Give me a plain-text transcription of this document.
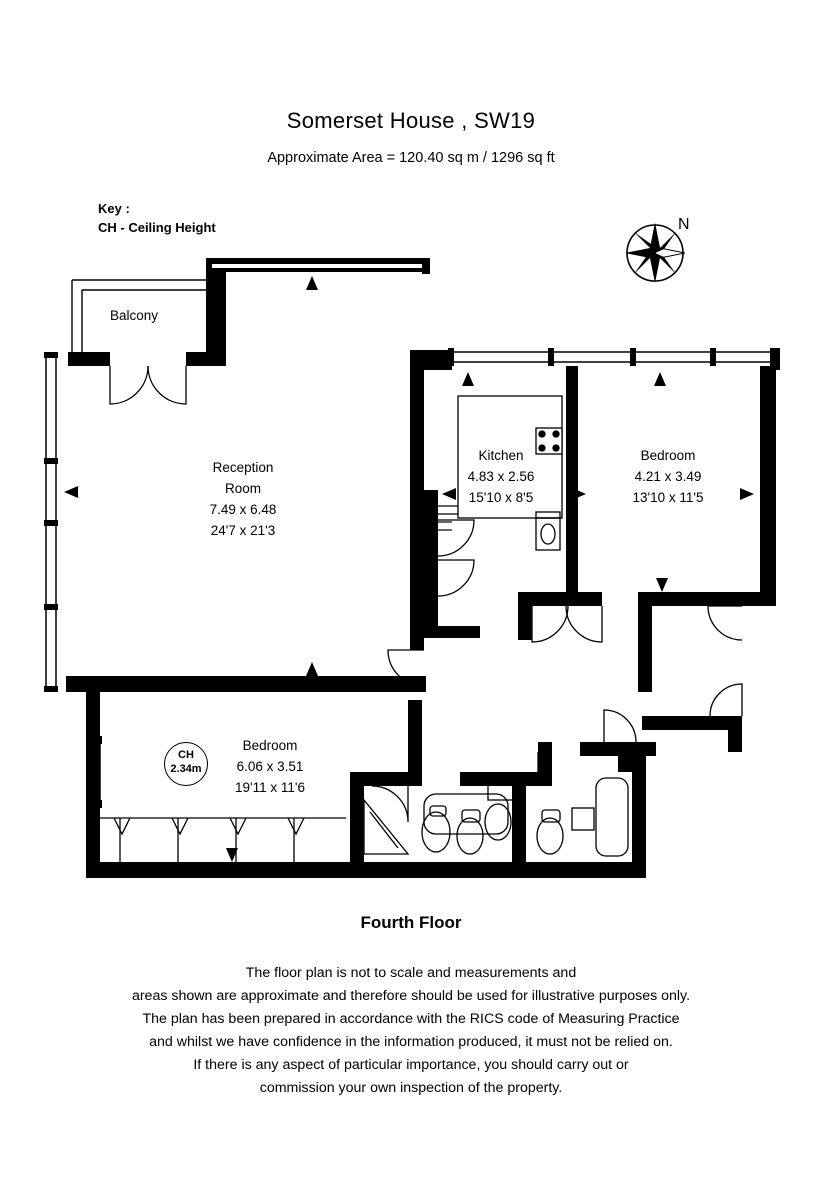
Somerset House , SW19
Approximate Area = 120.40 sq m / 1296 sq ft
Key :
CH - Ceiling Height	N
Balcony
Reception
Room
7.49 x 6.48
24'7 x 21'3
Kitchen
4.83 x 2.56
15'10 x 8'5
Bedroom
4.21 x 3.49
13'10 x 11'5
Bedroom
6.06 x 3.51
19'11 x 11'6
CH
2.34m
Fourth Floor
The floor plan is not to scale and measurements and
areas shown are approximate and therefore should be used for illustrative purposes only.
The plan has been prepared in accordance with the RICS code of Measuring Practice
and whilst we have confidence in the information produced, it must not be relied on.
If there is any aspect of particular importance, you should carry out or
commission your own inspection of the property.
